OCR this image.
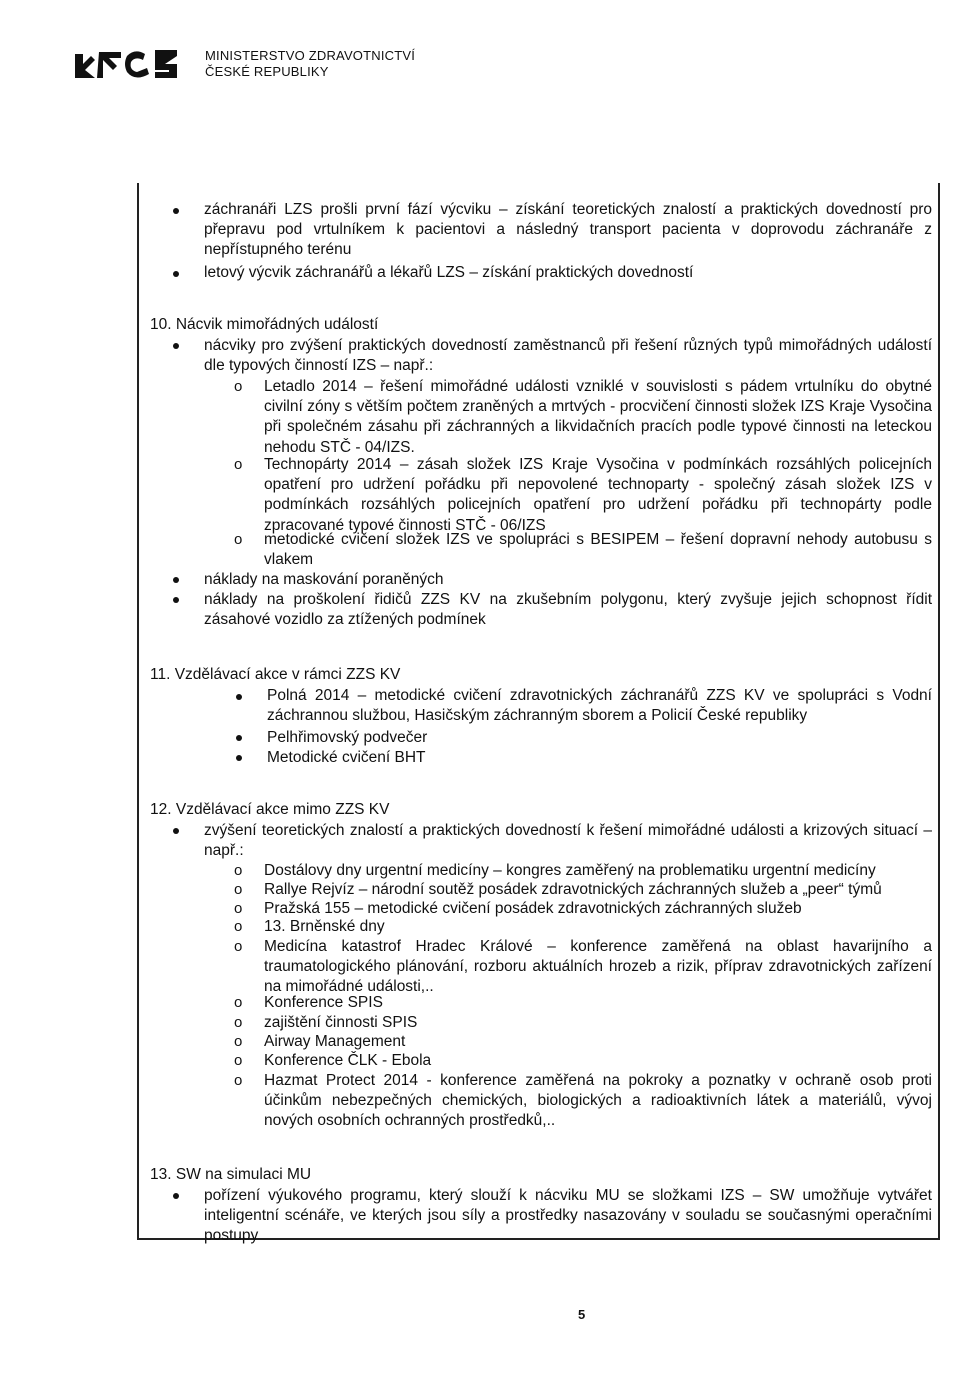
MINISTERSTVO ZDRAVOTNICTVÍ
ČESKÉ REPUBLIKY
záchranáři LZS prošli první fází výcviku – získání teoretických znalostí a praktických dovedností pro přepravu pod vrtulníkem k pacientovi a následný transport pacienta v doprovodu záchranáře z nepřístupného terénu
letový výcvik záchranářů a lékařů LZS – získání praktických dovedností
10. Nácvik mimořádných událostí
nácviky pro zvýšení praktických dovedností zaměstnanců při řešení různých typů mimořádných událostí dle typových činností IZS – např.:
o Letadlo 2014 – řešení mimořádné události vzniklé v souvislosti s pádem vrtulníku do obytné civilní zóny s větším počtem zraněných a mrtvých - procvičení činnosti složek IZS Kraje Vysočina při společném zásahu při záchranných a likvidačních pracích podle typové činnosti na leteckou nehodu STČ - 04/IZS.
o Technopárty 2014 – zásah složek IZS Kraje Vysočina v podmínkách rozsáhlých policejních opatření pro udržení pořádku při nepovolené technoparty - společný zásah složek IZS v podmínkách rozsáhlých policejních opatření pro udržení pořádku při technopárty podle zpracované typové činnosti STČ - 06/IZS
o metodické cvičení složek IZS ve spolupráci s BESIPEM – řešení dopravní nehody autobusu s vlakem
náklady na maskování poraněných
náklady na proškolení řidičů ZZS KV na zkušebním polygonu, který zvyšuje jejich schopnost řídit zásahové vozidlo za ztížených podmínek
11. Vzdělávací akce v rámci ZZS KV
Polná 2014 – metodické cvičení zdravotnických záchranářů ZZS KV ve spolupráci s Vodní záchrannou službou, Hasičským záchranným sborem a Policií České republiky
Pelhřimovský podvečer
Metodické cvičení BHT
12. Vzdělávací akce mimo ZZS KV
zvýšení teoretických znalostí a praktických dovedností k řešení mimořádné události a krizových situací – např.:
o Dostálovy dny urgentní medicíny – kongres zaměřený na problematiku urgentní medicíny
o Rallye Rejvíz – národní soutěž posádek zdravotnických záchranných služeb a „peer“ týmů
o Pražská 155 – metodické cvičení posádek zdravotnických záchranných služeb
o 13. Brněnské dny
o Medicína katastrof Hradec Králové – konference zaměřená na oblast havarijního a traumatologického plánování, rozboru aktuálních hrozeb a rizik, příprav zdravotnických zařízení na mimořádné události,..
o Konference SPIS
o zajištění činnosti SPIS
o Airway Management
o Konference ČLK - Ebola
o Hazmat Protect 2014 - konference zaměřená na pokroky a poznatky v ochraně osob proti účinkům nebezpečných chemických, biologických a radioaktivních látek a materiálů, vývoj nových osobních ochranných prostředků,..
13. SW na simulaci MU
pořízení výukového programu, který slouží k nácviku MU se složkami IZS – SW umožňuje vytvářet inteligentní scénáře, ve kterých jsou síly a prostředky nasazovány v souladu se současnými operačními postupy
5
